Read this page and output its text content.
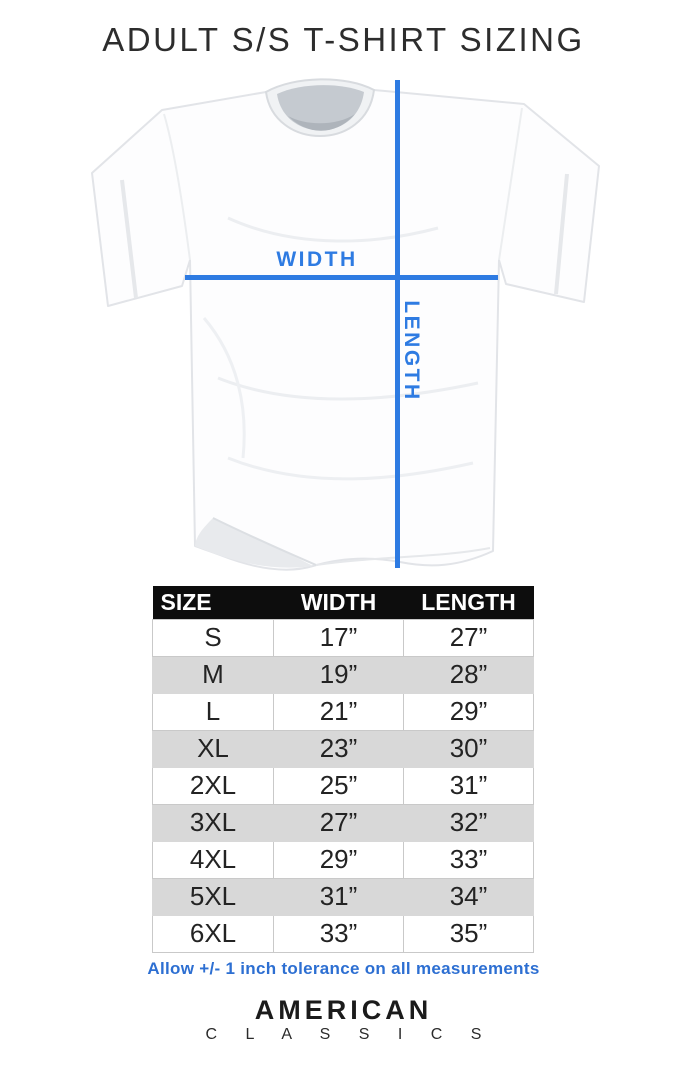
ADULT S/S T-SHIRT SIZING
WIDTH
LENGTH
SIZE	WIDTH	LENGTH
S	17”	27”
M	19”	28”
L	21”	29”
XL	23”	30”
2XL	25”	31”
3XL	27”	32”
4XL	29”	33”
5XL	31”	34”
6XL	33”	35”

Allow +/- 1 inch tolerance on all measurements

AMERICAN
C L A S S I C S
